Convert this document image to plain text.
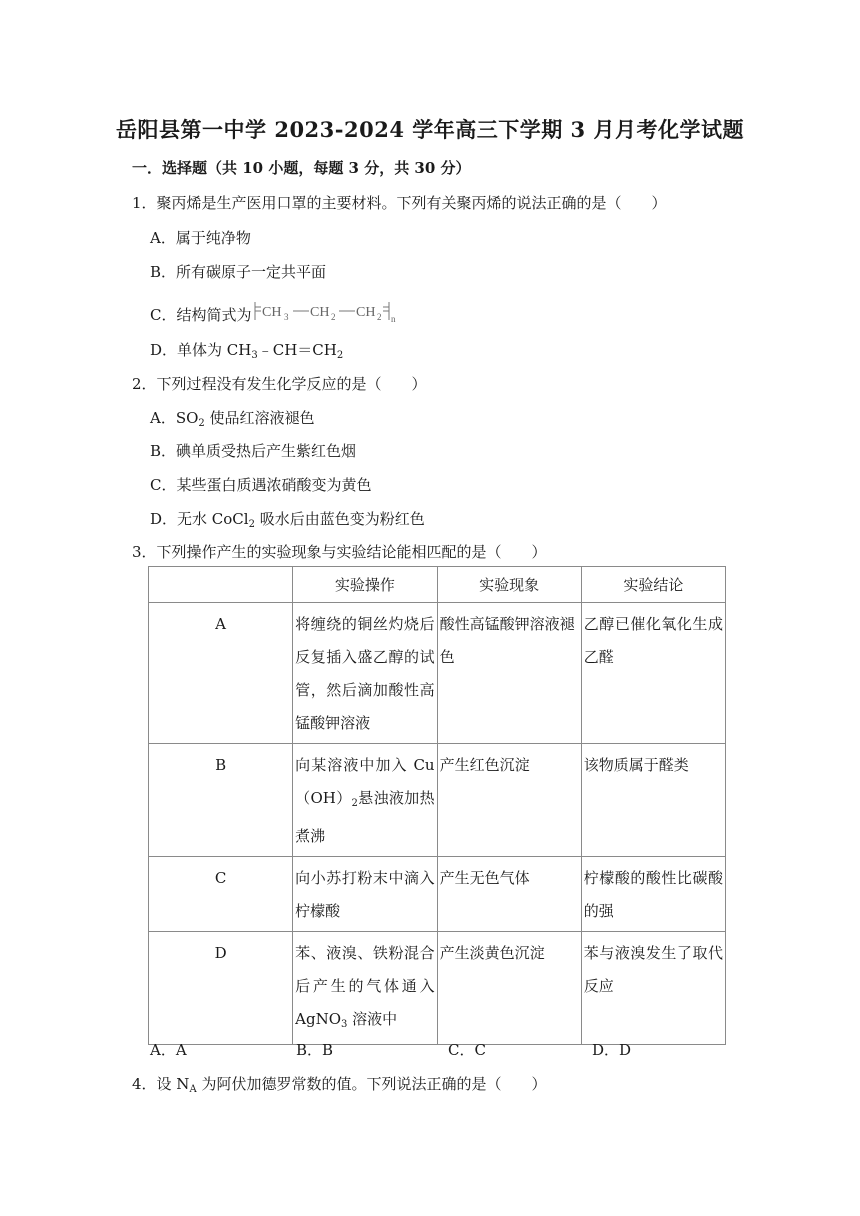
岳阳县第一中学 2023-2024 学年高三下学期 3 月月考化学试题
一．选择题（共 10 小题，每题 3 分，共 30 分）
1．聚丙烯是生产医用口罩的主要材料。下列有关聚丙烯的说法正确的是（　　）
A．属于纯净物
B．所有碳原子一定共平面
C．结构简式为 CH 3 CH 2 CH 2 n
D．单体为 $CH_3﹣CH=CH_2$
2．下列过程没有发生化学反应的是（　　）
A．$SO_2$ 使品红溶液褪色
B．碘单质受热后产生紫红色烟
C．某些蛋白质遇浓硝酸变为黄色
D．无水 CoCl$_2$ 吸水后由蓝色变为粉红色
3．下列操作产生的实验现象与实验结论能相匹配的是（　　）
	实验操作	实验现象	实验结论
A	将缠绕的铜丝灼烧后反复插入盛乙醇的试管，然后滴加酸性高锰酸钾溶液	酸性高锰酸钾溶液褪色	乙醇已催化氧化生成乙醛
B	向某溶液中加入 $Cu(OH)_2$悬浊液加热煮沸	产生红色沉淀	该物质属于醛类
C	向小苏打粉末中滴入柠檬酸	产生无色气体	柠檬酸的酸性比碳酸的强
D	苯、液溴、铁粉混合后产生的气体通入 AgNO$_3$ 溶液中	产生淡黄色沉淀	苯与液溴发生了取代反应
A．A	B．B	C．C	D．D
4．设 $N_A$ 为阿伏加德罗常数的值。下列说法正确的是（　　）
